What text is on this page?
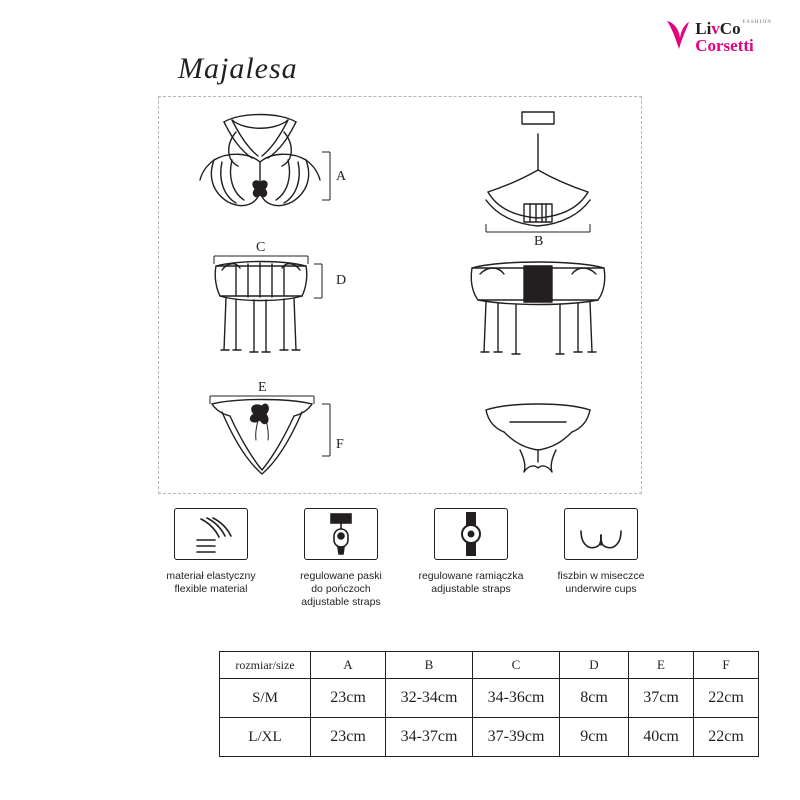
LivCo FASHION
Corsetti
Majalesa
A
B
C
D
E
F
materiał elastyczny
flexible material
regulowane paski
do pończoch
adjustable straps
regulowane ramiączka
adjustable straps
fiszbin w miseczce
underwire cups
rozmiar/size	A	B	C	D	E	F
S/M	23cm	32-34cm	34-36cm	8cm	37cm	22cm
L/XL	23cm	34-37cm	37-39cm	9cm	40cm	22cm
